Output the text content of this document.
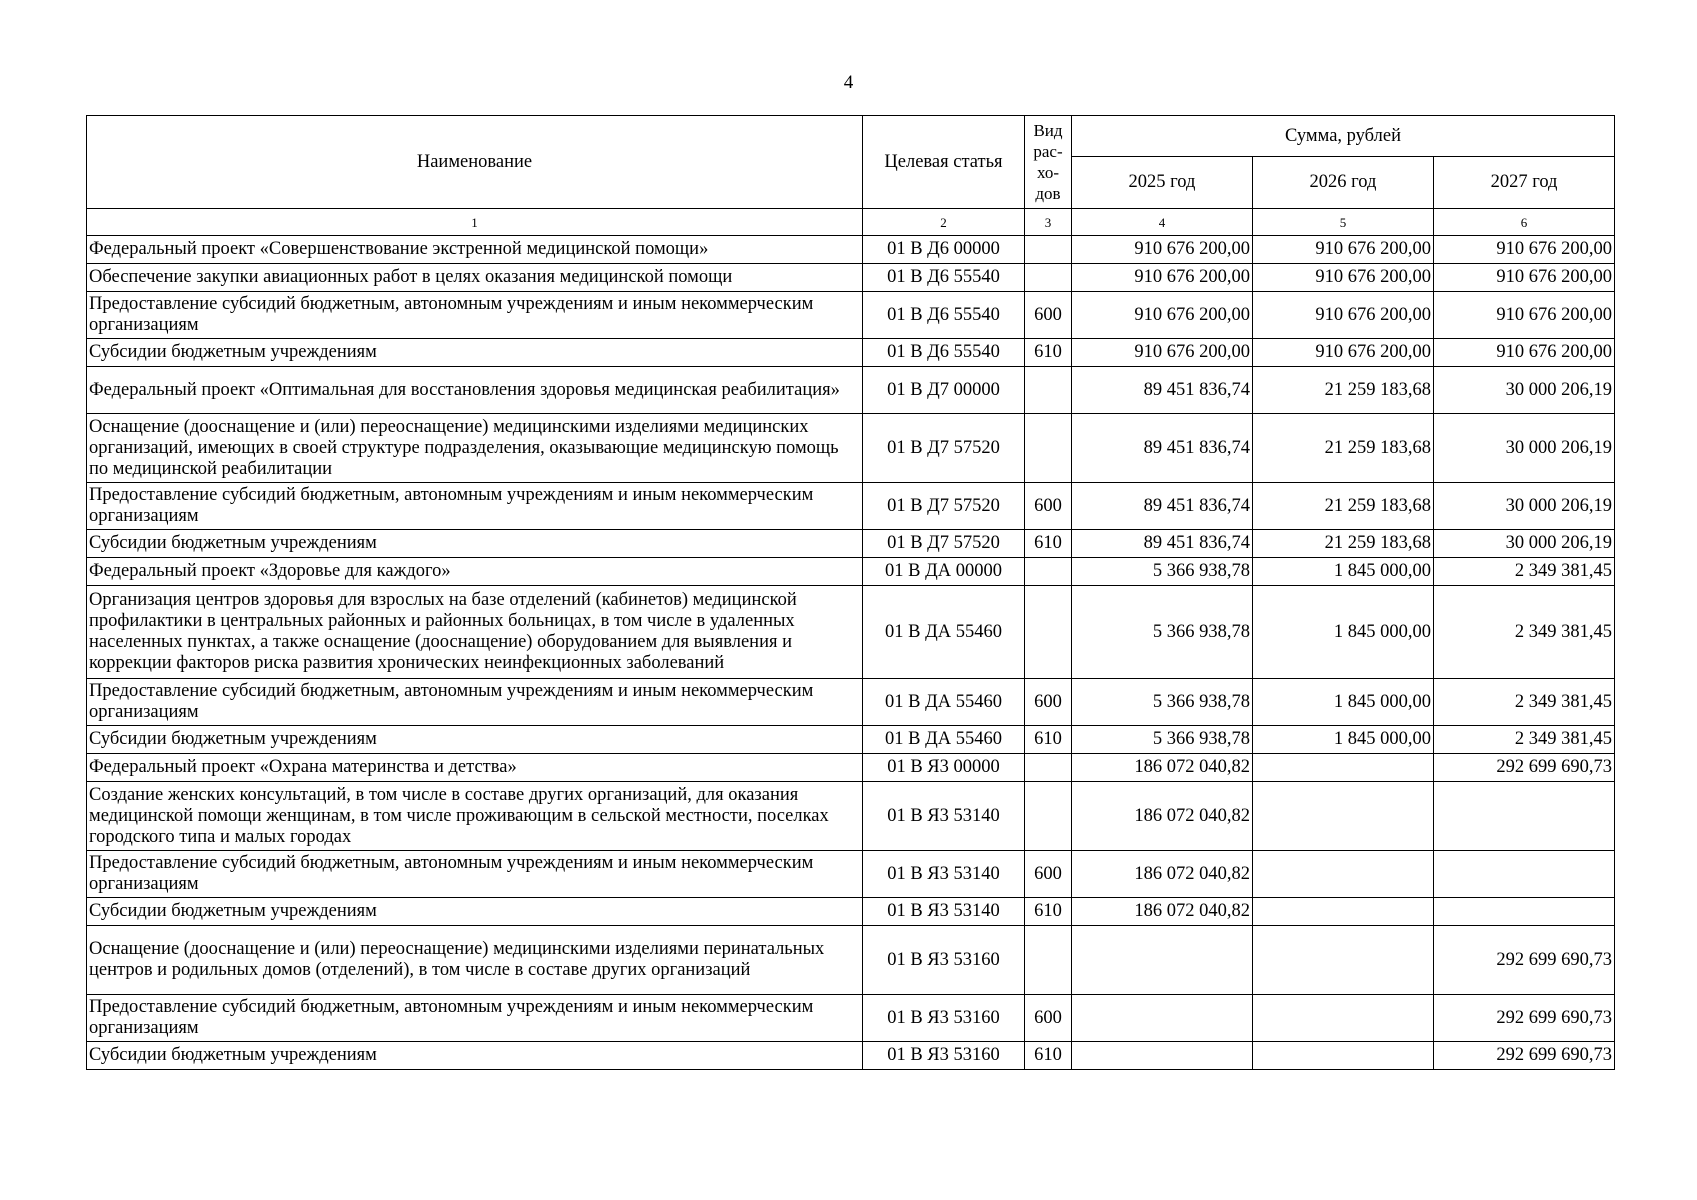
4
Наименование	Целевая статья	Вид
рас-
хо-
дов	Сумма, рублей		
			2025 год	2026 год	2027 год
1	2	3	4	5	6
Федеральный проект «Совершенствование экстренной медицинской помощи»	01 В Д6 00000		910 676 200,00	910 676 200,00	910 676 200,00
Обеспечение закупки авиационных работ в целях оказания медицинской помощи	01 В Д6 55540		910 676 200,00	910 676 200,00	910 676 200,00
Предоставление субсидий бюджетным, автономным учреждениям и иным некоммерческим организациям	01 В Д6 55540	600	910 676 200,00	910 676 200,00	910 676 200,00
Субсидии бюджетным учреждениям	01 В Д6 55540	610	910 676 200,00	910 676 200,00	910 676 200,00
Федеральный проект «Оптимальная для восстановления здоровья медицинская реабилитация»	01 В Д7 00000		89 451 836,74	21 259 183,68	30 000 206,19
Оснащение (дооснащение и (или) переоснащение) медицинскими изделиями медицинских организаций, имеющих в своей структуре подразделения, оказывающие медицинскую помощь по медицинской реабилитации	01 В Д7 57520		89 451 836,74	21 259 183,68	30 000 206,19
Предоставление субсидий бюджетным, автономным учреждениям и иным некоммерческим организациям	01 В Д7 57520	600	89 451 836,74	21 259 183,68	30 000 206,19
Субсидии бюджетным учреждениям	01 В Д7 57520	610	89 451 836,74	21 259 183,68	30 000 206,19
Федеральный проект «Здоровье для каждого»	01 В ДА 00000		5 366 938,78	1 845 000,00	2 349 381,45
Организация центров здоровья для взрослых на базе отделений (кабинетов) медицинской профилактики в центральных районных и районных больницах, в том числе в удаленных населенных пунктах, а также оснащение (дооснащение) оборудованием для выявления и коррекции факторов риска развития хронических неинфекционных заболеваний	01 В ДА 55460		5 366 938,78	1 845 000,00	2 349 381,45
Предоставление субсидий бюджетным, автономным учреждениям и иным некоммерческим организациям	01 В ДА 55460	600	5 366 938,78	1 845 000,00	2 349 381,45
Субсидии бюджетным учреждениям	01 В ДА 55460	610	5 366 938,78	1 845 000,00	2 349 381,45
Федеральный проект «Охрана материнства и детства»	01 В Я3 00000		186 072 040,82		292 699 690,73
Создание женских консультаций, в том числе в составе других организаций, для оказания медицинской помощи женщинам, в том числе проживающим в сельской местности, поселках городского типа и малых городах	01 В Я3 53140		186 072 040,82		
Предоставление субсидий бюджетным, автономным учреждениям и иным некоммерческим организациям	01 В Я3 53140	600	186 072 040,82		
Субсидии бюджетным учреждениям	01 В Я3 53140	610	186 072 040,82		
Оснащение (дооснащение и (или) переоснащение) медицинскими изделиями перинатальных центров и родильных домов (отделений), в том числе в составе других организаций	01 В Я3 53160				292 699 690,73
Предоставление субсидий бюджетным, автономным учреждениям и иным некоммерческим организациям	01 В Я3 53160	600			292 699 690,73
Субсидии бюджетным учреждениям	01 В Я3 53160	610			292 699 690,73
